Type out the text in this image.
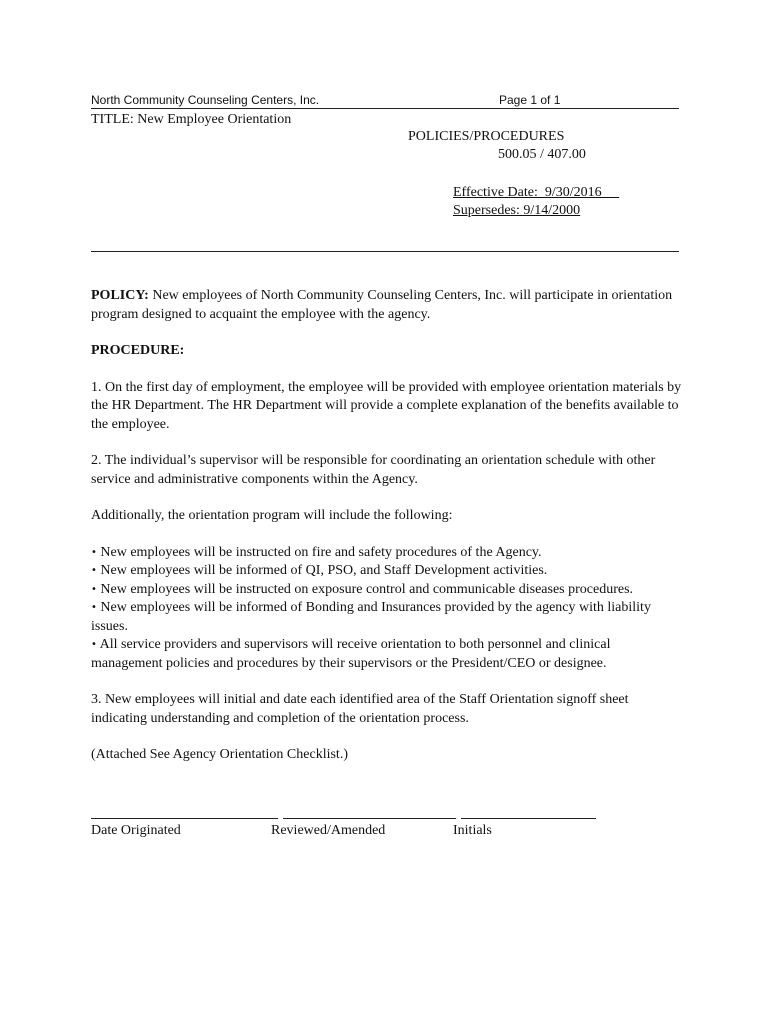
North Community Counseling Centers, Inc.	Page 1 of 1
TITLE: New Employee Orientation
POLICIES/PROCEDURES
500.05 / 407.00
Effective Date:  9/30/2016
Supersedes: 9/14/2000

POLICY: New employees of North Community Counseling Centers, Inc. will participate in orientation program designed to acquaint the employee with the agency.

PROCEDURE:

1. On the first day of employment, the employee will be provided with employee orientation materials by the HR Department. The HR Department will provide a complete explanation of the benefits available to the employee.

2. The individual’s supervisor will be responsible for coordinating an orientation schedule with other service and administrative components within the Agency.

Additionally, the orientation program will include the following:

• New employees will be instructed on fire and safety procedures of the Agency.
• New employees will be informed of QI, PSO, and Staff Development activities.
• New employees will be instructed on exposure control and communicable diseases procedures.
• New employees will be informed of Bonding and Insurances provided by the agency with liability issues.
• All service providers and supervisors will receive orientation to both personnel and clinical management policies and procedures by their supervisors or the President/CEO or designee.

3. New employees will initial and date each identified area of the Staff Orientation signoff sheet indicating understanding and completion of the orientation process.

(Attached See Agency Orientation Checklist.)

Date Originated	Reviewed/Amended	Initials
